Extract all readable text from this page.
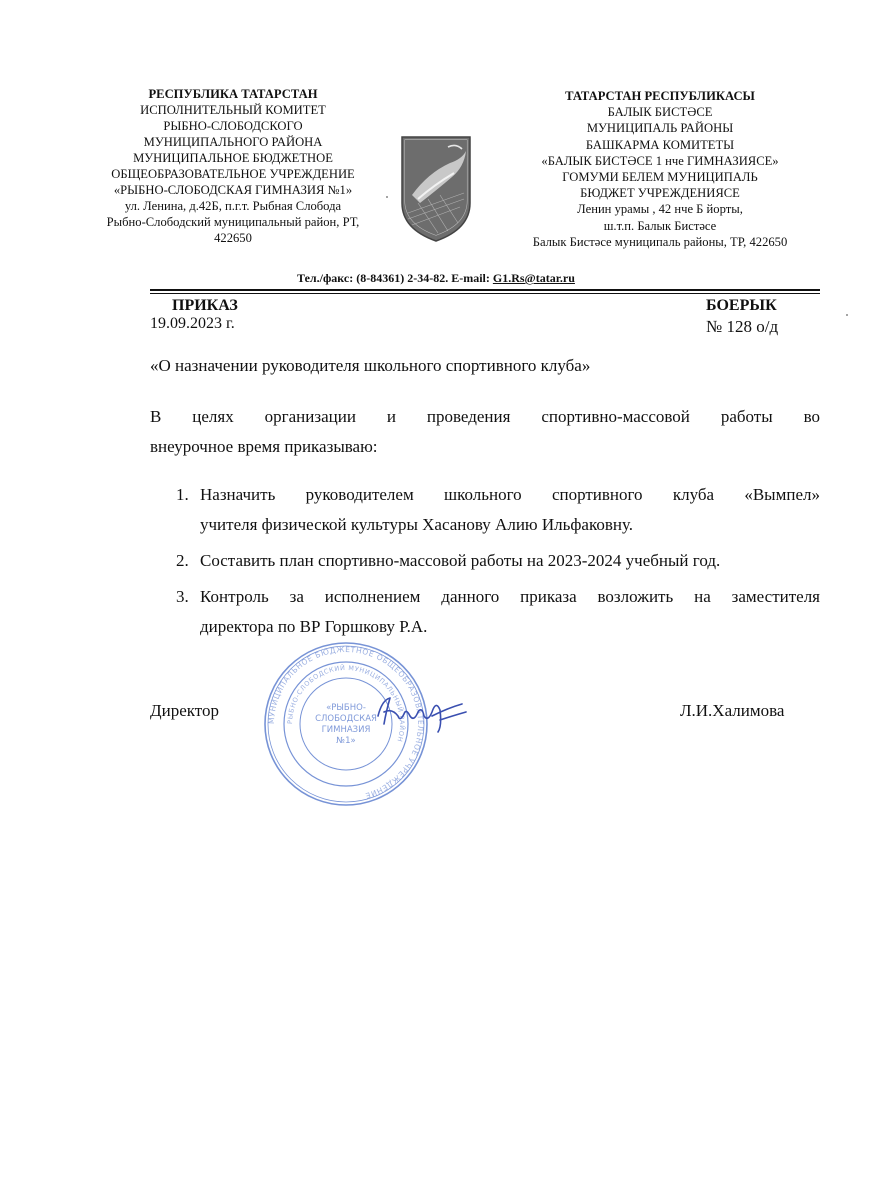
РЕСПУБЛИКА ТАТАРСТАН
ИСПОЛНИТЕЛЬНЫЙ КОМИТЕТ
РЫБНО-СЛОБОДСКОГО
МУНИЦИПАЛЬНОГО РАЙОНА
МУНИЦИПАЛЬНОЕ БЮДЖЕТНОЕ
ОБЩЕОБРАЗОВАТЕЛЬНОЕ УЧРЕЖДЕНИЕ
«РЫБНО-СЛОБОДСКАЯ ГИМНАЗИЯ №1»
ул. Ленина, д.42Б, п.г.т. Рыбная Слобода
Рыбно-Слободский муниципальный район, РТ,
422650
ТАТАРСТАН РЕСПУБЛИКАСЫ
БАЛЫК БИСТӘСЕ
МУНИЦИПАЛЬ РАЙОНЫ
БАШКАРМА КОМИТЕТЫ
«БАЛЫК БИСТӘСЕ 1 нче ГИМНАЗИЯСЕ»
ГОМУМИ БЕЛЕМ МУНИЦИПАЛЬ
БЮДЖЕТ УЧРЕЖДЕНИЯСЕ
Ленин урамы , 42 нче Б йорты,
ш.т.п. Балык Бистәсе
Балык Бистәсе муниципаль районы, ТР, 422650
Тел./факс: (8-84361) 2-34-82. E-mail: G1.Rs@tatar.ru
ПРИКАЗ
19.09.2023 г.
БОЕРЫК
№ 128 о/д
«О назначении руководителя школьного спортивного клуба»
В целях организации и проведения спортивно-массовой работы во
внеурочное время приказываю:
1. Назначить руководителем школьного спортивного клуба «Вымпел»
учителя физической культуры Хасанову Алию Ильфаковну.
2. Составить план спортивно-массовой работы на 2023-2024 учебный год.
3. Контроль за исполнением данного приказа возложить на заместителя
директора по ВР Горшкову Р.А.
МУНИЦИПАЛЬНОЕ БЮДЖЕТНОЕ ОБЩЕОБРАЗОВАТЕЛЬНОЕ УЧРЕЖДЕНИЕ
РЫБНО-СЛОБОДСКИЙ МУНИЦИПАЛЬНЫЙ РАЙОН
«РЫБНО-
СЛОБОДСКАЯ
ГИМНАЗИЯ
№1»
Директор	Л.И.Халимова
